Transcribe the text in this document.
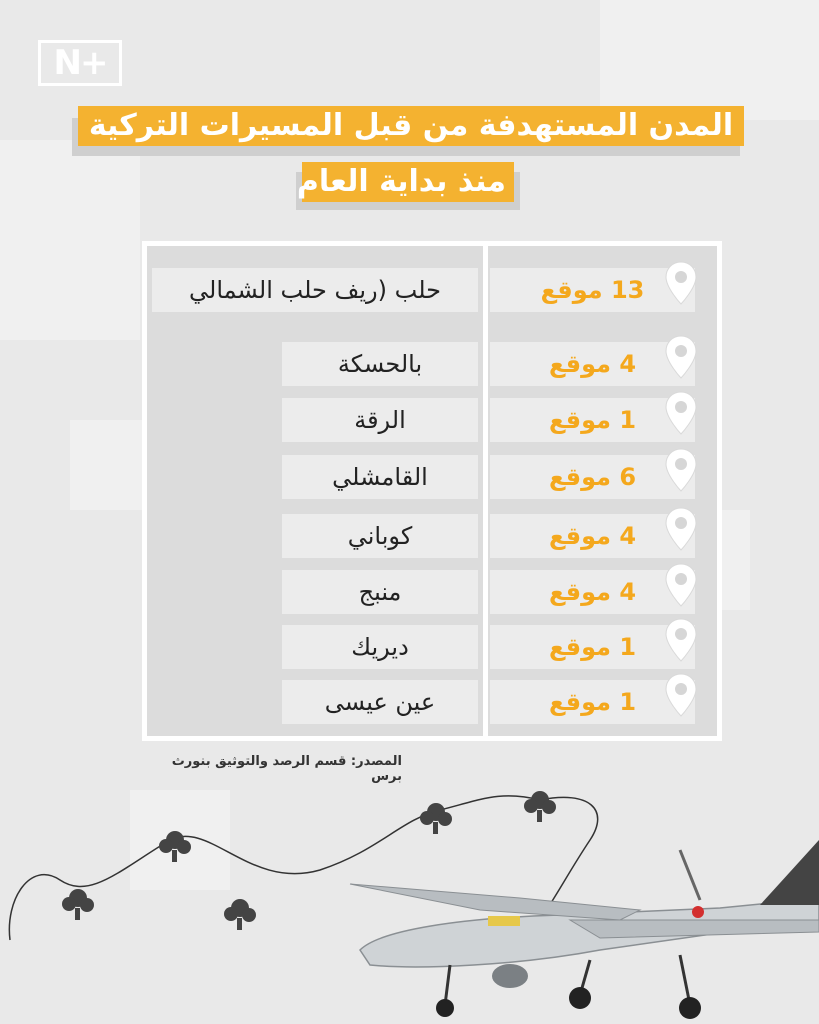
N+
المدن المستهدفة من قبل المسيرات التركية
منذ بداية العام
13 موقع
حلب (ريف حلب الشمالي
4 موقع
بالحسكة
1 موقع
الرقة
6 موقع
القامشلي
4 موقع
كوباني
4 موقع
منبج
1 موقع
ديريك
1 موقع
عين عيسى
المصدر: قسم الرصد والتوثيق بنورث برس
